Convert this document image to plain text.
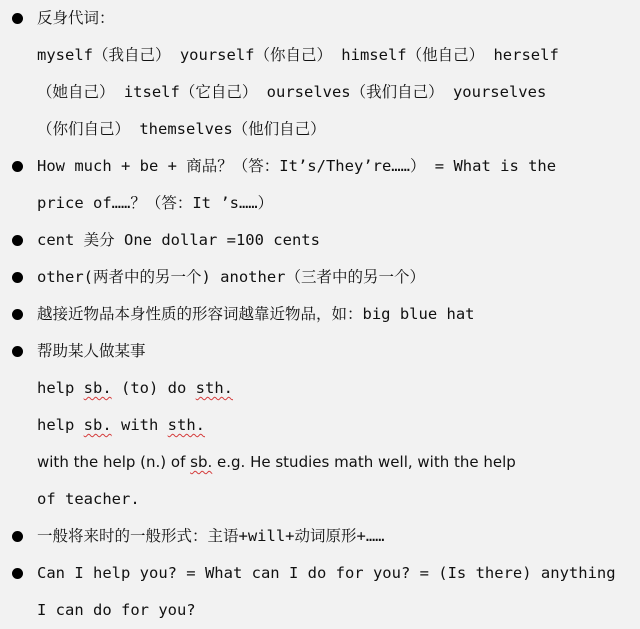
反身代词：
myself（我自己） yourself（你自己） himself（他自己） herself
（她自己） itself（它自己） ourselves（我们自己） yourselves
（你们自己） themselves（他们自己）
How much + be + 商品？（答：It’s/They’re……） = What is the
price of……？（答：It ’s……）
cent 美分 One dollar =100 cents
other(两者中的另一个) another（三者中的另一个）
越接近物品本身性质的形容词越靠近物品，如：big blue hat
帮助某人做某事
help sb. (to) do sth.
help sb. with sth.
with the help (n.) of sb. e.g. He studies math well, with the help
of teacher.
一般将来时的一般形式：主语+will+动词原形+……
Can I help you? = What can I do for you? = (Is there) anything
I can do for you?
